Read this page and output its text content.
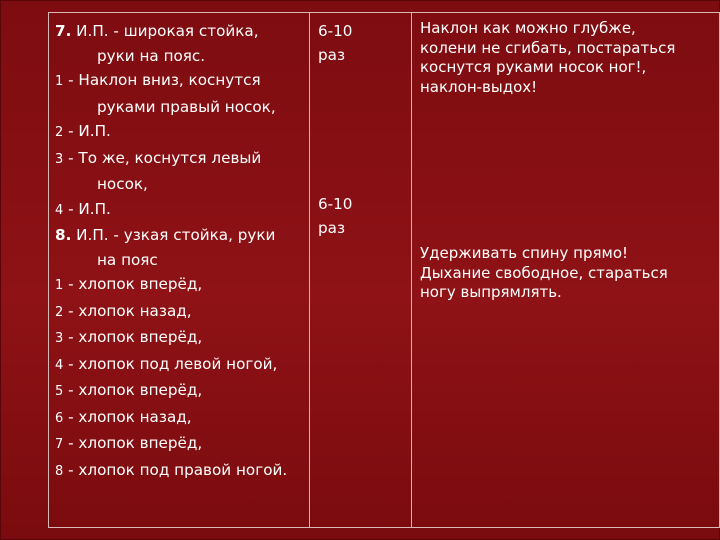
7. И.П. - широкая стойка,
руки на пояс.
1 - Наклон вниз, коснутся
руками правый носок,
2 - И.П.
3 - То же, коснутся левый
носок,
4 - И.П.
8. И.П. - узкая стойка, руки
на пояс
1 - хлопок вперёд,
2 - хлопок назад,
3 - хлопок вперёд,
4 - хлопок под левой ногой,
5 - хлопок вперёд,
6 - хлопок назад,
7 - хлопок вперёд,
8 - хлопок под правой ногой.

6-10
раз
6-10
раз

Наклон как можно глубже,
колени не сгибать, постараться
коснутся руками носок ног!,
наклон-выдох!
Удерживать спину прямо!
Дыхание свободное, стараться
ногу выпрямлять.
